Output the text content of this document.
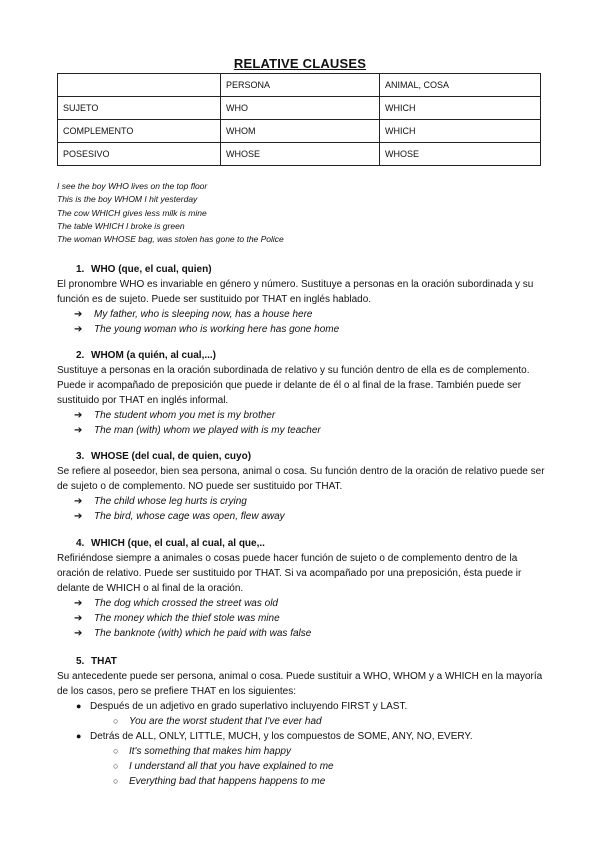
RELATIVE CLAUSES
	PERSONA	ANIMAL, COSA
SUJETO	WHO	WHICH
COMPLEMENTO	WHOM	WHICH
POSESIVO	WHOSE	WHOSE
I see the boy WHO lives on the top floor
This is the boy WHOM I hit yesterday
The cow WHICH gives less milk is mine
The table WHICH I broke is green
The woman WHOSE bag, was stolen has gone to the Police
1. WHO (que, el cual, quien)
El pronombre WHO es invariable en género y número. Sustituye a personas en la oración subordinada y su función es de sujeto. Puede ser sustituido por THAT en inglés hablado.
➔ My father, who is sleeping now, has a house here
➔ The young woman who is working here has gone home
2. WHOM (a quién, al cual,...)
Sustituye a personas en la oración subordinada de relativo y su función dentro de ella es de complemento. Puede ir acompañado de preposición que puede ir delante de él o al final de la frase. También puede ser sustituido por THAT en inglés informal.
➔ The student whom you met is my brother
➔ The man (with) whom we played with is my teacher
3. WHOSE (del cual, de quien, cuyo)
Se refiere al poseedor, bien sea persona, animal o cosa. Su función dentro de la oración de relativo puede ser de sujeto o de complemento. NO puede ser sustituido por THAT.
➔ The child whose leg hurts is crying
➔ The bird, whose cage was open, flew away
4. WHICH (que, el cual, al cual, al que,..
Refiriéndose siempre a animales o cosas puede hacer función de sujeto o de complemento dentro de la oración de relativo. Puede ser sustituido por THAT. Si va acompañado por una preposición, ésta puede ir delante de WHICH o al final de la oración.
➔ The dog which crossed the street was old
➔ The money which the thief stole was mine
➔ The banknote (with) which he paid with was false
5. THAT
Su antecedente puede ser persona, animal o cosa. Puede sustituir a WHO, WHOM y a WHICH en la mayoría de los casos, pero se prefiere THAT en los siguientes:
● Después de un adjetivo en grado superlativo incluyendo FIRST y LAST.
○ You are the worst student that I've ever had
● Detrás de ALL, ONLY, LITTLE, MUCH, y los compuestos de SOME, ANY, NO, EVERY.
○ It's something that makes him happy
○ I understand all that you have explained to me
○ Everything bad that happens happens to me
